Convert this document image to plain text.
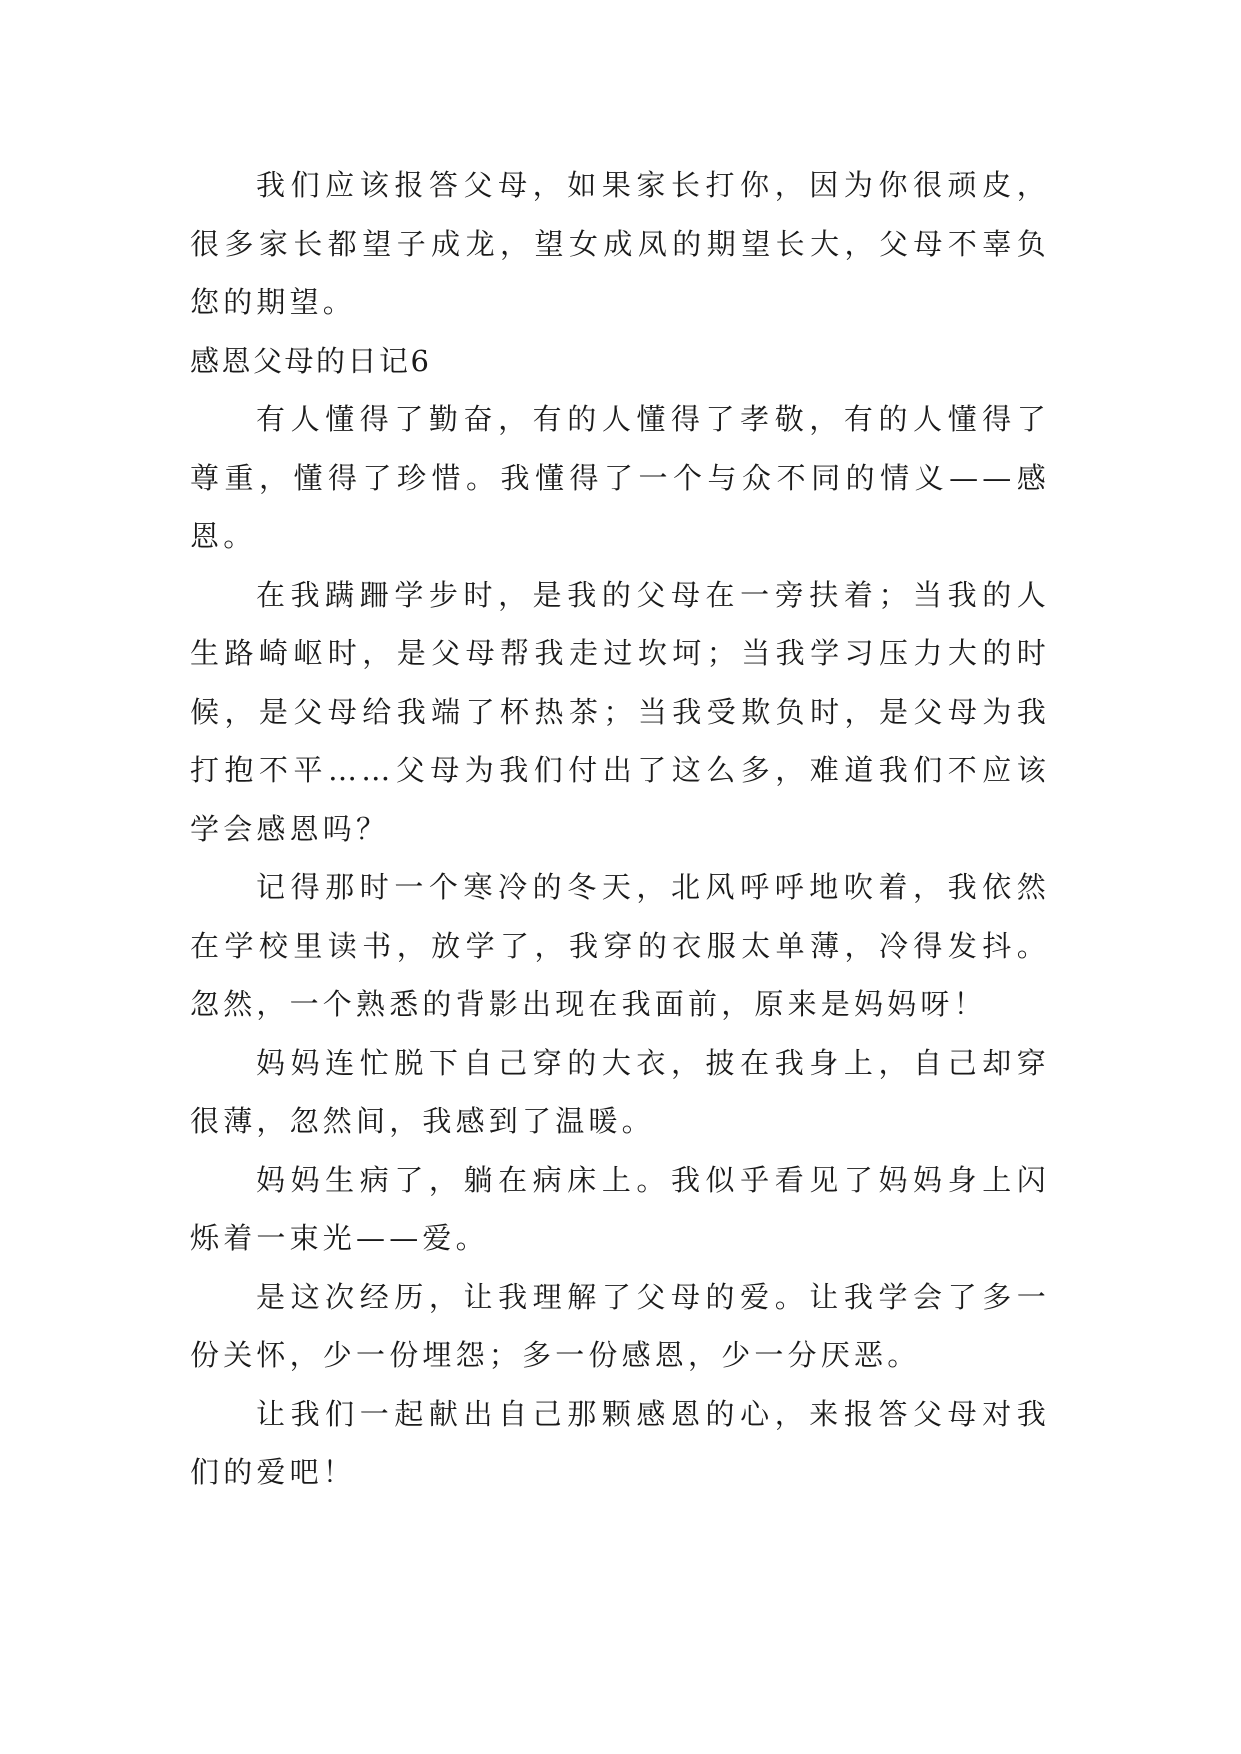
我们应该报答父母，如果家长打你，因为你很顽皮，很多家长都望子成龙，望女成凤的期望长大，父母不辜负您的期望。

感恩父母的日记6

有人懂得了勤奋，有的人懂得了孝敬，有的人懂得了尊重，懂得了珍惜。我懂得了一个与众不同的情义——感恩。

在我蹒跚学步时，是我的父母在一旁扶着；当我的人生路崎岖时，是父母帮我走过坎坷；当我学习压力大的时候，是父母给我端了杯热茶；当我受欺负时，是父母为我打抱不平……父母为我们付出了这么多，难道我们不应该学会感恩吗？

记得那时一个寒冷的冬天，北风呼呼地吹着，我依然在学校里读书，放学了，我穿的衣服太单薄，冷得发抖。忽然，一个熟悉的背影出现在我面前，原来是妈妈呀！

妈妈连忙脱下自己穿的大衣，披在我身上，自己却穿很薄，忽然间，我感到了温暖。

妈妈生病了，躺在病床上。我似乎看见了妈妈身上闪烁着一束光——爱。

是这次经历，让我理解了父母的爱。让我学会了多一份关怀，少一份埋怨；多一份感恩，少一分厌恶。

让我们一起献出自己那颗感恩的心，来报答父母对我们的爱吧！
